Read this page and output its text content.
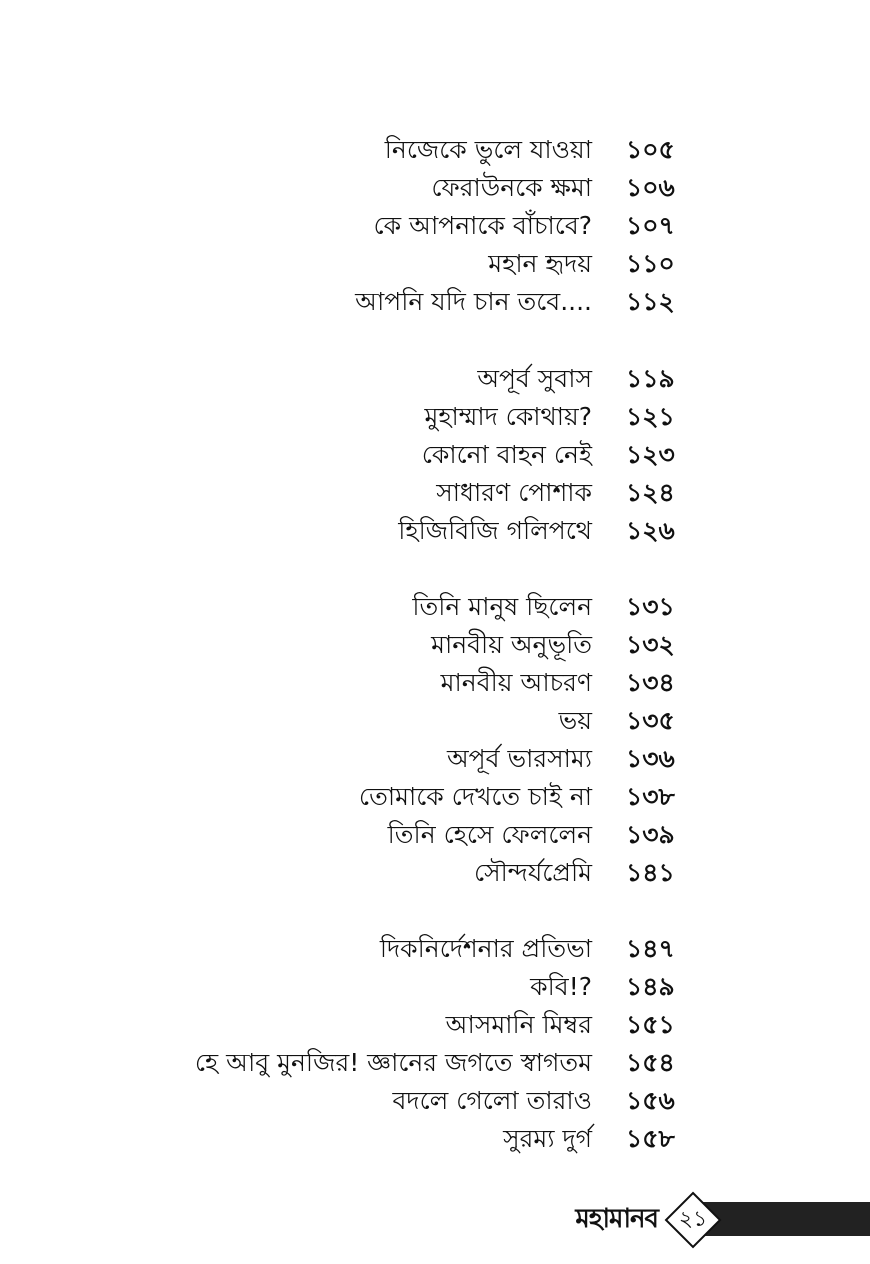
নিজেকে ভুলে যাওয়া ১০৫
ফেরাউনকে ক্ষমা ১০৬
কে আপনাকে বাঁচাবে? ১০৭
মহান হৃদয় ১১০
আপনি যদি চান তবে.... ১১২
অপূর্ব সুবাস ১১৯
মুহাম্মাদ কোথায়? ১২১
কোনো বাহন নেই ১২৩
সাধারণ পোশাক ১২৪
হিজিবিজি গলিপথে ১২৬
তিনি মানুষ ছিলেন ১৩১
মানবীয় অনুভূতি ১৩২
মানবীয় আচরণ ১৩৪
ভয় ১৩৫
অপূর্ব ভারসাম্য ১৩৬
তোমাকে দেখতে চাই না ১৩৮
তিনি হেসে ফেললেন ১৩৯
সৌন্দর্যপ্রেমি ১৪১
দিকনির্দেশনার প্রতিভা ১৪৭
কবি!? ১৪৯
আসমানি মিম্বর ১৫১
হে আবু মুনজির! জ্ঞানের জগতে স্বাগতম ১৫৪
বদলে গেলো তারাও ১৫৬
সুরম্য দুর্গ ১৫৮
২১
মহামানব
